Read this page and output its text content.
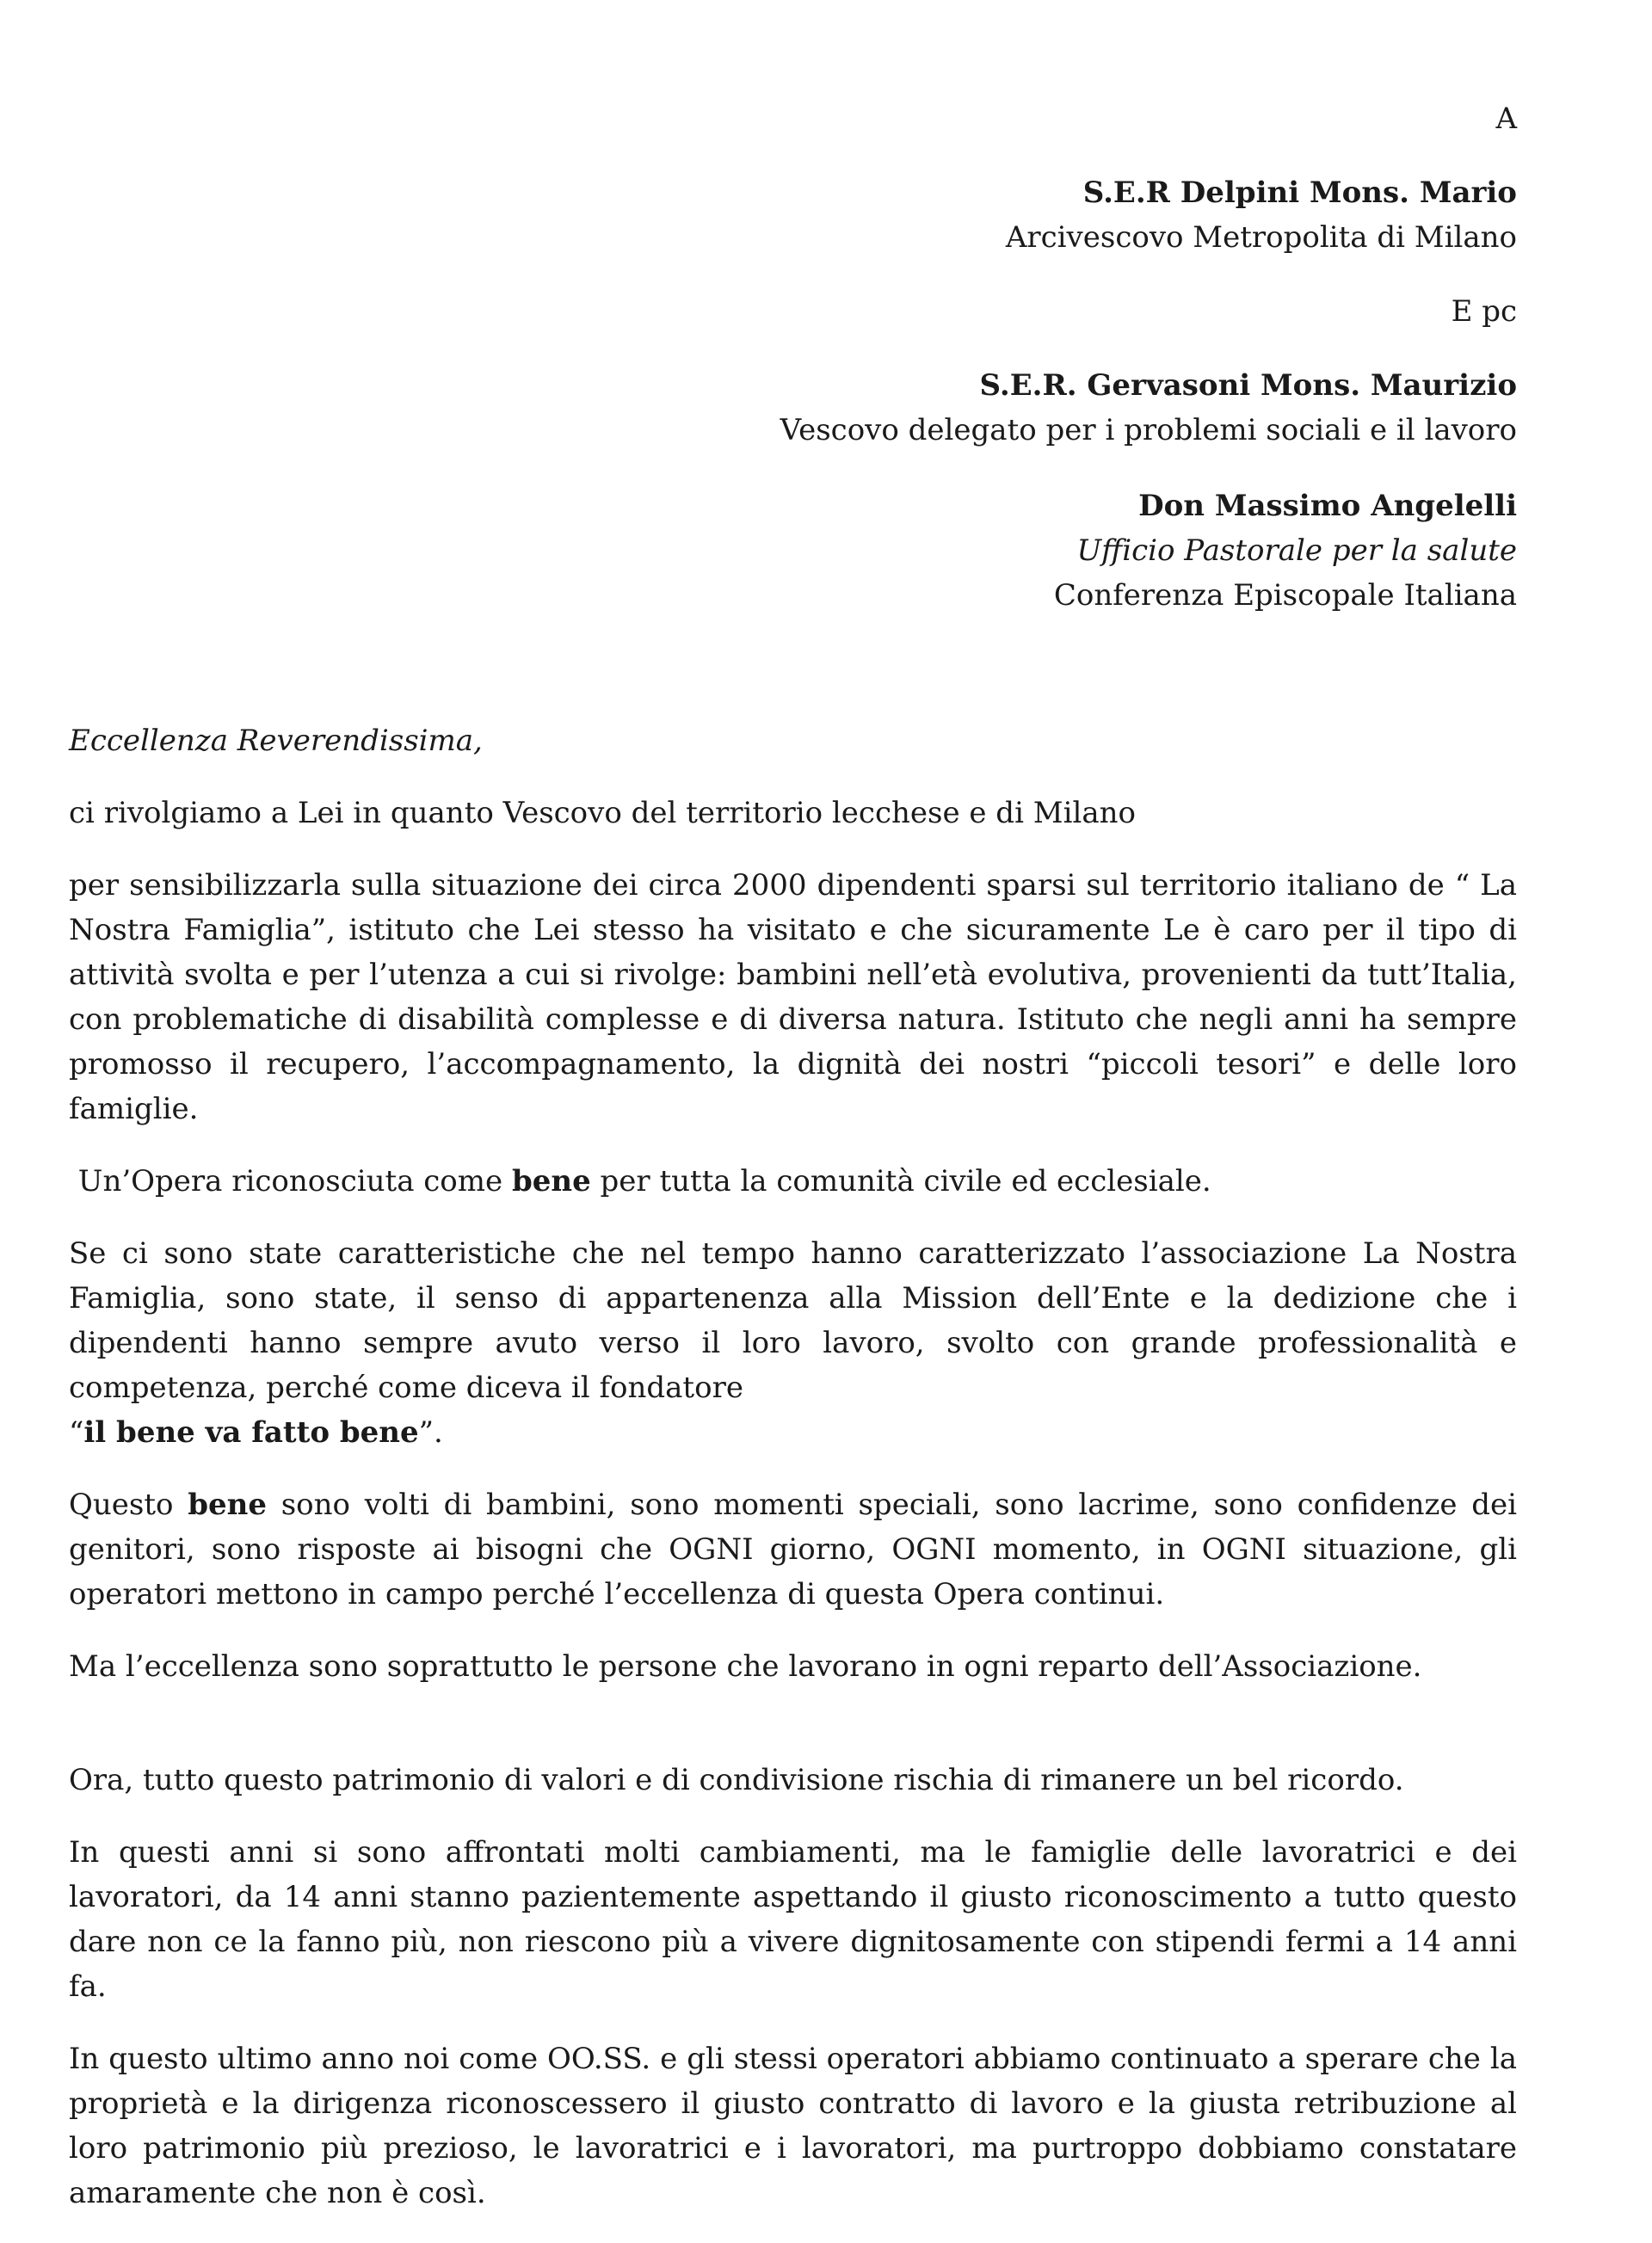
A
S.E.R Delpini Mons. Mario
Arcivescovo Metropolita di Milano
E pc
S.E.R. Gervasoni Mons. Maurizio
Vescovo delegato per i problemi sociali e il lavoro
Don Massimo Angelelli
Ufficio Pastorale per la salute
Conferenza Episcopale Italiana

Eccellenza Reverendissima,

ci rivolgiamo a Lei in quanto Vescovo del territorio lecchese e di Milano

per sensibilizzarla sulla situazione dei circa 2000 dipendenti sparsi sul territorio italiano de “ La Nostra Famiglia”, istituto che Lei stesso ha visitato e che sicuramente Le è caro per il tipo di attività svolta e per l’utenza a cui si rivolge: bambini nell’età evolutiva, provenienti da tutt’Italia, con problematiche di disabilità complesse e di diversa natura. Istituto che negli anni ha sempre promosso il recupero, l’accompagnamento, la dignità dei nostri “piccoli tesori” e delle loro famiglie.

Un’Opera riconosciuta come bene per tutta la comunità civile ed ecclesiale.

Se ci sono state caratteristiche che nel tempo hanno caratterizzato l’associazione La Nostra Famiglia, sono state, il senso di appartenenza alla Mission dell’Ente e la dedizione che i dipendenti hanno sempre avuto verso il loro lavoro, svolto con grande professionalità e competenza, perché come diceva il fondatore
“il bene va fatto bene”.

Questo bene sono volti di bambini, sono momenti speciali, sono lacrime, sono confidenze dei genitori, sono risposte ai bisogni che OGNI giorno, OGNI momento, in OGNI situazione, gli operatori mettono in campo perché l’eccellenza di questa Opera continui.

Ma l’eccellenza sono soprattutto le persone che lavorano in ogni reparto dell’Associazione.

Ora, tutto questo patrimonio di valori e di condivisione rischia di rimanere un bel ricordo.

In questi anni si sono affrontati molti cambiamenti, ma le famiglie delle lavoratrici e dei lavoratori, da 14 anni stanno pazientemente aspettando il giusto riconoscimento a tutto questo dare non ce la fanno più, non riescono più a vivere dignitosamente con stipendi fermi a 14 anni fa.

In questo ultimo anno noi come OO.SS. e gli stessi operatori abbiamo continuato a sperare che la proprietà e la dirigenza riconoscessero il giusto contratto di lavoro e la giusta retribuzione al loro patrimonio più prezioso, le lavoratrici e i lavoratori, ma purtroppo dobbiamo constatare amaramente che non è così.
